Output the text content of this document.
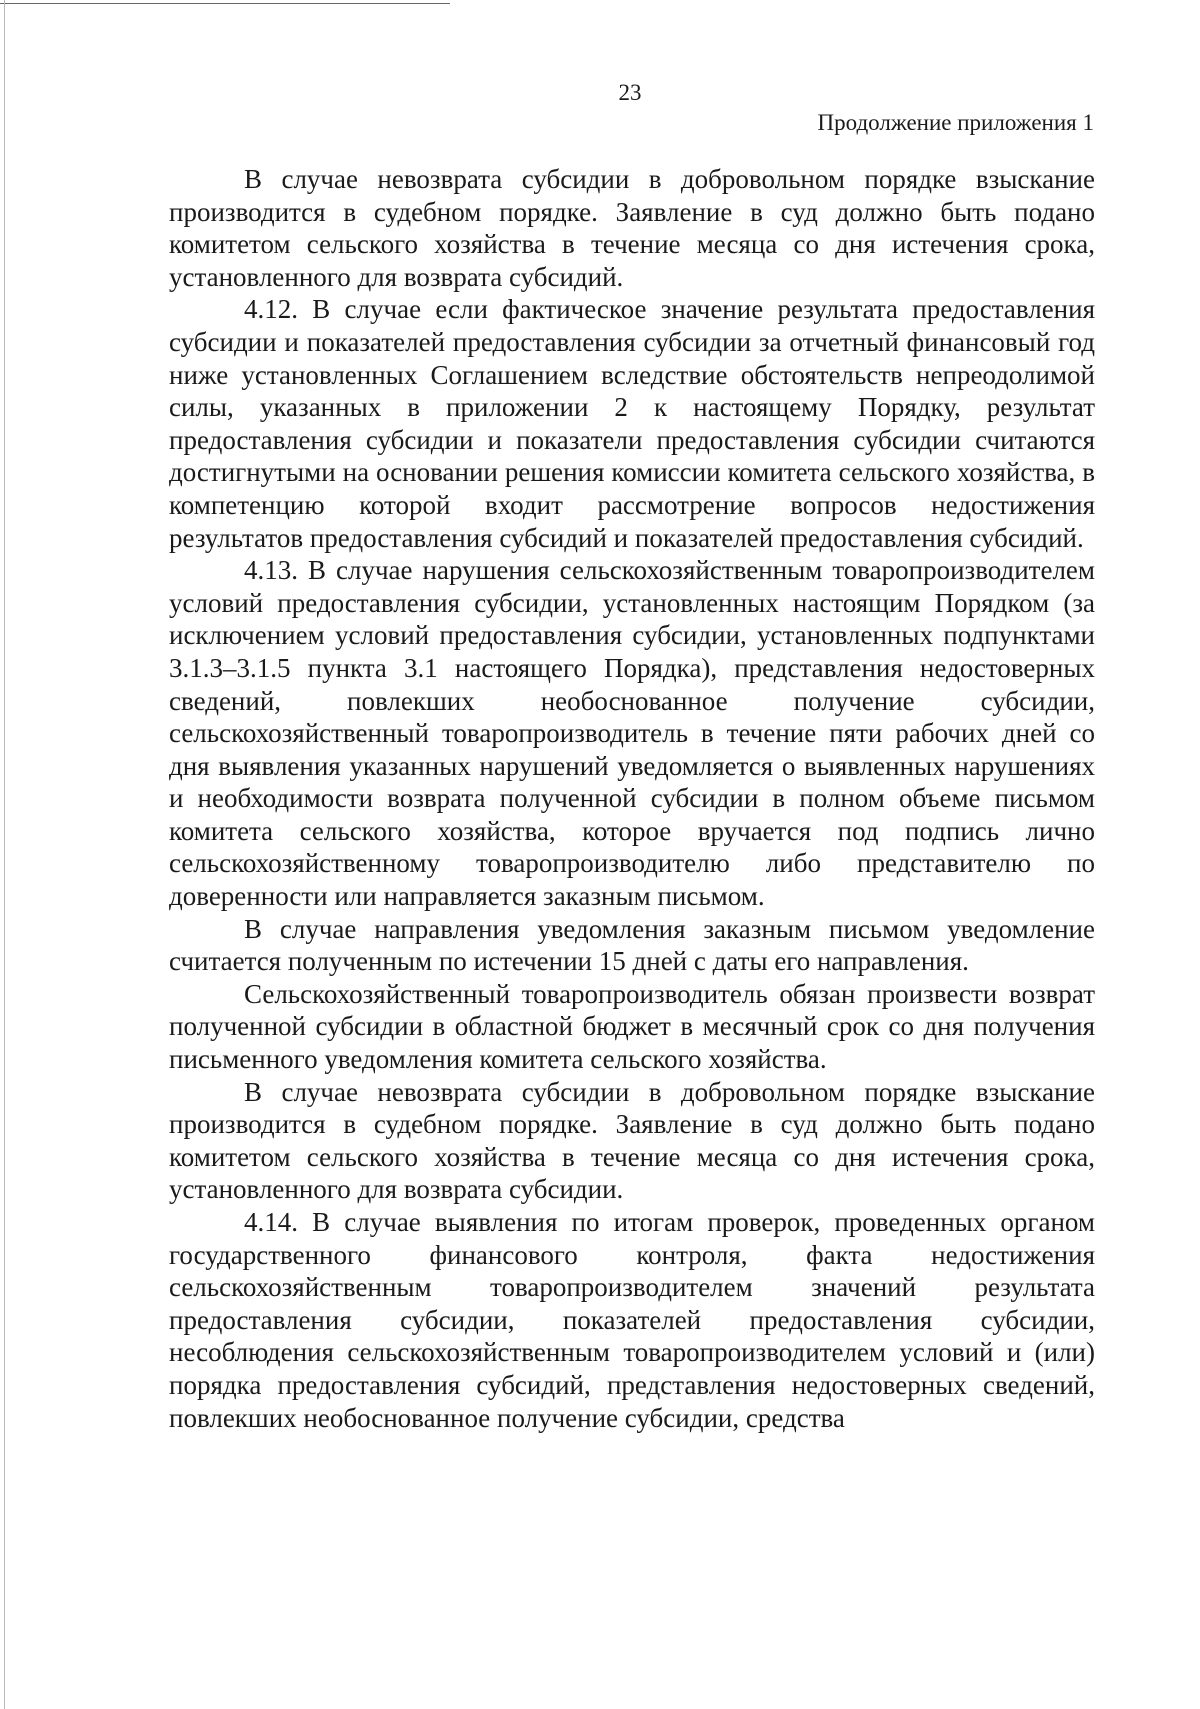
23
Продолжение приложения 1

В случае невозврата субсидии в добровольном порядке взыскание производится в судебном порядке. Заявление в суд должно быть подано комитетом сельского хозяйства в течение месяца со дня истечения срока, установленного для возврата субсидий.

4.12. В случае если фактическое значение результата предоставления субсидии и показателей предоставления субсидии за отчетный финансовый год ниже установленных Соглашением вследствие обстоятельств непреодолимой силы, указанных в приложении 2 к настоящему Порядку, результат предоставления субсидии и показатели предоставления субсидии считаются достигнутыми на основании решения комиссии комитета сельского хозяйства, в компетенцию которой входит рассмотрение вопросов недостижения результатов предоставления субсидий и показателей предоставления субсидий.

4.13. В случае нарушения сельскохозяйственным товаропроизводителем условий предоставления субсидии, установленных настоящим Порядком (за исключением условий предоставления субсидии, установленных подпунктами 3.1.3–3.1.5 пункта 3.1 настоящего Порядка), представления недостоверных сведений, повлекших необоснованное получение субсидии, сельскохозяйственный товаропроизводитель в течение пяти рабочих дней со дня выявления указанных нарушений уведомляется о выявленных нарушениях и необходимости возврата полученной субсидии в полном объеме письмом комитета сельского хозяйства, которое вручается под подпись лично сельскохозяйственному товаропроизводителю либо представителю по доверенности или направляется заказным письмом.

В случае направления уведомления заказным письмом уведомление считается полученным по истечении 15 дней с даты его направления.

Сельскохозяйственный товаропроизводитель обязан произвести возврат полученной субсидии в областной бюджет в месячный срок со дня получения письменного уведомления комитета сельского хозяйства.

В случае невозврата субсидии в добровольном порядке взыскание производится в судебном порядке. Заявление в суд должно быть подано комитетом сельского хозяйства в течение месяца со дня истечения срока, установленного для возврата субсидии.

4.14. В случае выявления по итогам проверок, проведенных органом государственного финансового контроля, факта недостижения сельскохозяйственным товаропроизводителем значений результата предоставления субсидии, показателей предоставления субсидии, несоблюдения сельскохозяйственным товаропроизводителем условий и (или) порядка предоставления субсидий, представления недостоверных сведений, повлекших необоснованное получение субсидии, средства
